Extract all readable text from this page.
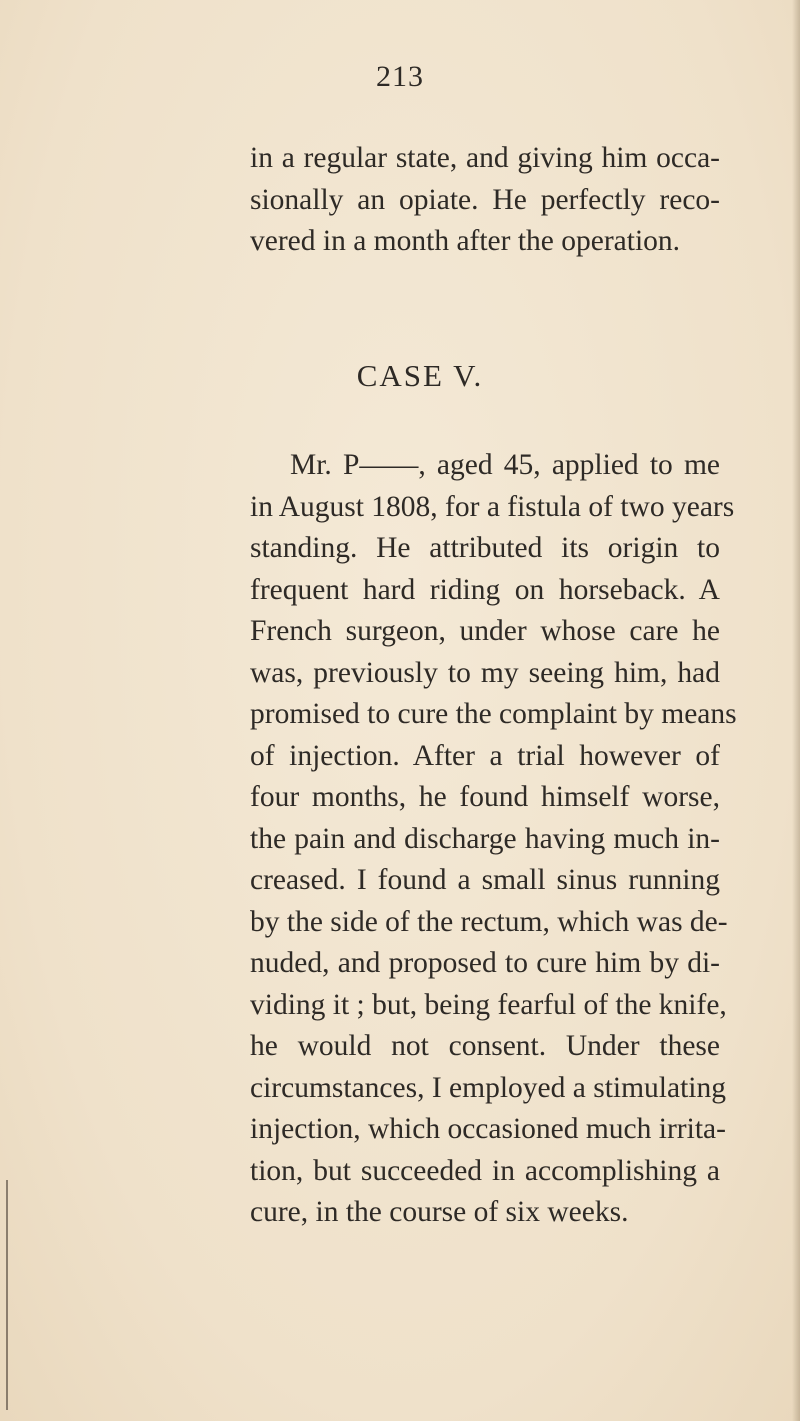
213
in a regular state, and giving him occa-
sionally an opiate. He perfectly reco-
vered in a month after the operation.
CASE V.
Mr. P——, aged 45, applied to me
in August 1808, for a fistula of two years
standing. He attributed its origin to
frequent hard riding on horseback. A
French surgeon, under whose care he
was, previously to my seeing him, had
promised to cure the complaint by means
of injection. After a trial however of
four months, he found himself worse,
the pain and discharge having much in-
creased. I found a small sinus running
by the side of the rectum, which was de-
nuded, and proposed to cure him by di-
viding it ; but, being fearful of the knife,
he would not consent. Under these
circumstances, I employed a stimulating
injection, which occasioned much irrita-
tion, but succeeded in accomplishing a
cure, in the course of six weeks.
